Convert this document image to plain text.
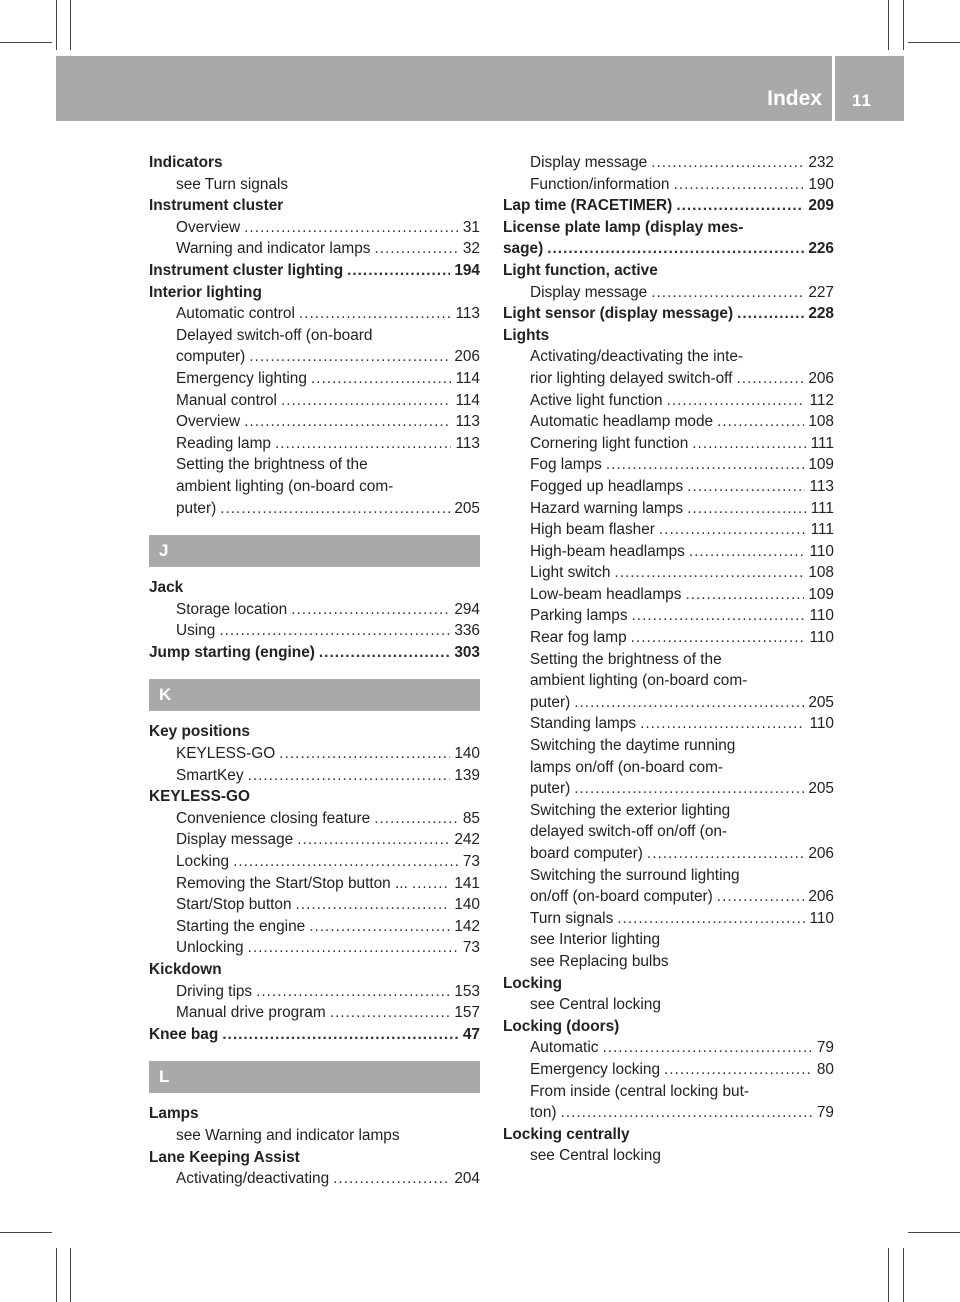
Index 11
Indicators
see Turn signals
Instrument cluster
Overview .....	31
Warning and indicator lamps .....	32
Instrument cluster lighting .....	194
Interior lighting
Automatic control .....	113
Delayed switch-off (on-board
computer) .....	206
Emergency lighting .....	114
Manual control .....	114
Overview .....	113
Reading lamp .....	113
Setting the brightness of the
ambient lighting (on-board com-
puter) .....	205
J
Jack
Storage location .....	294
Using .....	336
Jump starting (engine) .....	303
K
Key positions
KEYLESS-GO .....	140
SmartKey .....	139
KEYLESS-GO
Convenience closing feature .....	85
Display message .....	242
Locking .....	73
Removing the Start/Stop button ... .....	141
Start/Stop button .....	140
Starting the engine .....	142
Unlocking .....	73
Kickdown
Driving tips .....	153
Manual drive program .....	157
Knee bag .....	47
L
Lamps
see Warning and indicator lamps
Lane Keeping Assist
Activating/deactivating .....	204
Display message .....	232
Function/information .....	190
Lap time (RACETIMER) .....	209
License plate lamp (display mes-
sage) .....	226
Light function, active
Display message .....	227
Light sensor (display message) .....	228
Lights
Activating/deactivating the inte-
rior lighting delayed switch-off .....	206
Active light function .....	112
Automatic headlamp mode .....	108
Cornering light function .....	111
Fog lamps .....	109
Fogged up headlamps .....	113
Hazard warning lamps .....	111
High beam flasher .....	111
High-beam headlamps .....	110
Light switch .....	108
Low-beam headlamps .....	109
Parking lamps .....	110
Rear fog lamp .....	110
Setting the brightness of the
ambient lighting (on-board com-
puter) .....	205
Standing lamps .....	110
Switching the daytime running
lamps on/off (on-board com-
puter) .....	205
Switching the exterior lighting
delayed switch-off on/off (on-
board computer) .....	206
Switching the surround lighting
on/off (on-board computer) .....	206
Turn signals .....	110
see Interior lighting
see Replacing bulbs
Locking
see Central locking
Locking (doors)
Automatic .....	79
Emergency locking .....	80
From inside (central locking but-
ton) .....	79
Locking centrally
see Central locking
